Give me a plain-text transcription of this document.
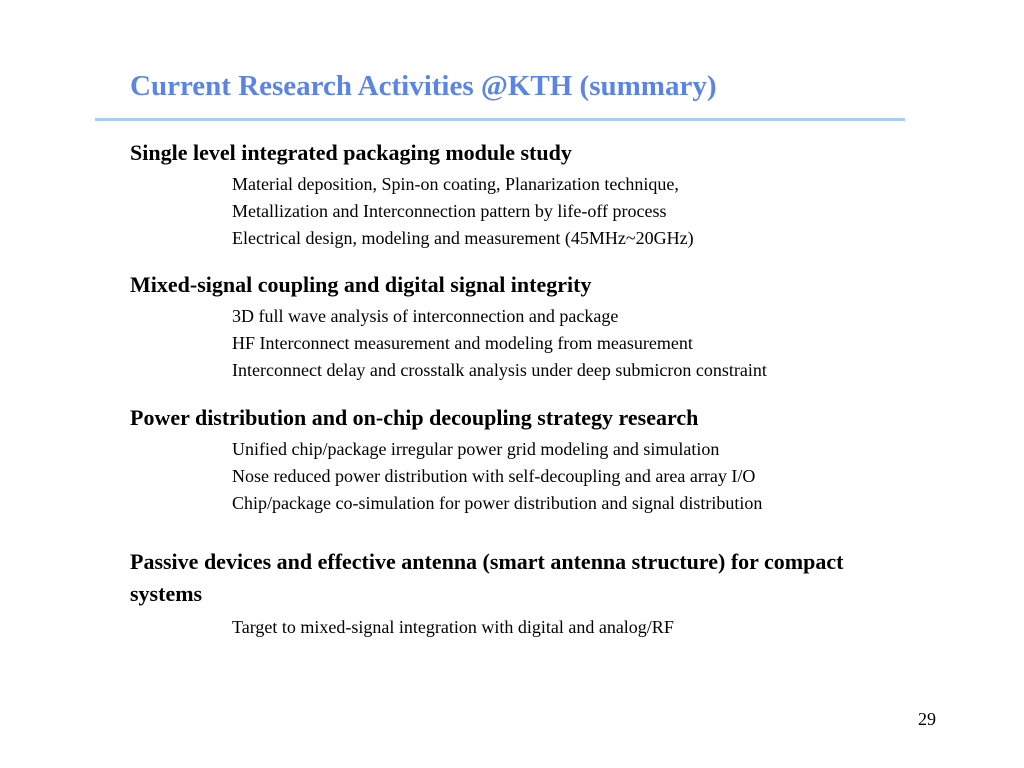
Current Research Activities @KTH (summary)
Single level integrated packaging module study
Material deposition, Spin-on coating, Planarization technique,
Metallization and Interconnection pattern by life-off process
Electrical design, modeling and measurement (45MHz~20GHz)
Mixed-signal coupling and digital signal integrity
3D full wave analysis of interconnection and package
HF Interconnect measurement and modeling from measurement
Interconnect delay and crosstalk analysis under deep submicron constraint
Power distribution and on-chip decoupling strategy research
Unified chip/package irregular power grid modeling and simulation
Nose reduced power distribution with self-decoupling and area array I/O
Chip/package co-simulation for power distribution and signal distribution
Passive devices and effective antenna (smart antenna structure) for compact systems
Target to mixed-signal integration with digital and analog/RF
29
